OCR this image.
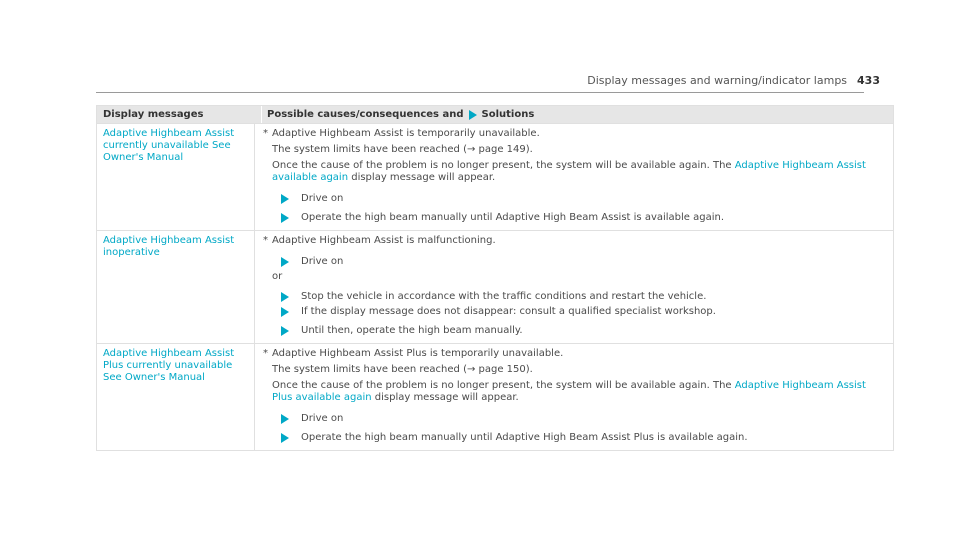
Display messages and warning/indicator lamps 433
Display messages	Possible causes/consequences and Solutions
Adaptive Highbeam Assist currently unavailable See Owner's Manual
* Adaptive Highbeam Assist is temporarily unavailable.

The system limits have been reached (→ page 149).

Once the cause of the problem is no longer present, the system will be available again. The Adaptive Highbeam Assist available again display message will appear.

Drive on
Operate the high beam manually until Adaptive High Beam Assist is available again.
Adaptive Highbeam Assist inoperative
* Adaptive Highbeam Assist is malfunctioning.

Drive on
or
Stop the vehicle in accordance with the traffic conditions and restart the vehicle.
If the display message does not disappear: consult a qualified specialist workshop.
Until then, operate the high beam manually.
Adaptive Highbeam Assist Plus currently unavailable See Owner's Manual
* Adaptive Highbeam Assist Plus is temporarily unavailable.

The system limits have been reached (→ page 150).

Once the cause of the problem is no longer present, the system will be available again. The Adaptive Highbeam Assist Plus available again display message will appear.

Drive on
Operate the high beam manually until Adaptive High Beam Assist Plus is available again.
